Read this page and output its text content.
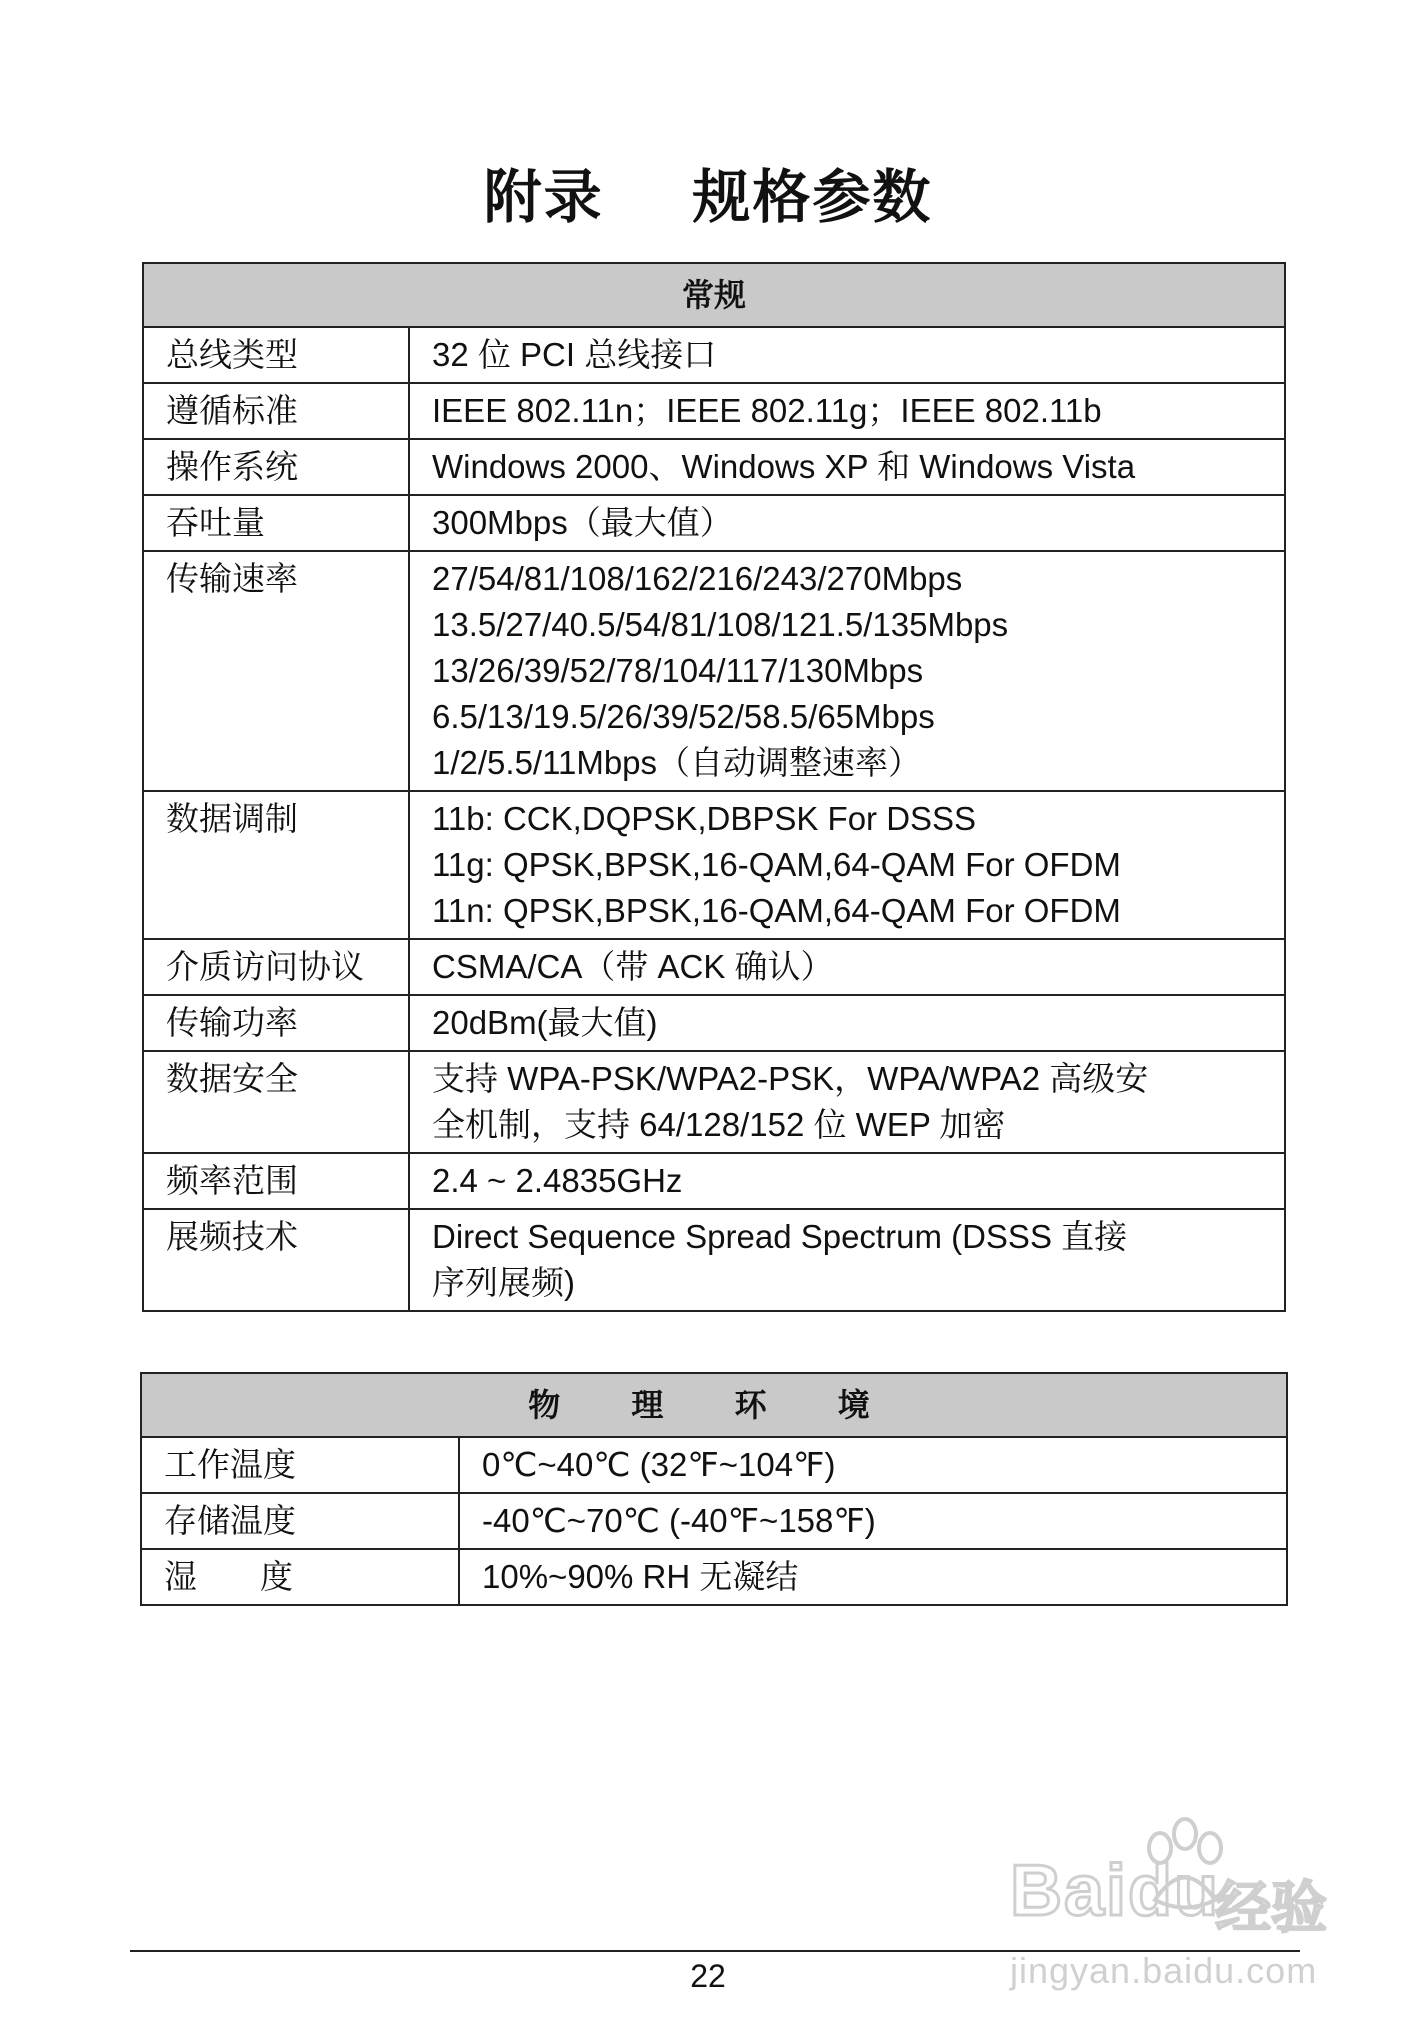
附录    规格参数
常规	
总线类型	32 位 PCI 总线接口

遵循标准	IEEE 802.11n；IEEE 802.11g；IEEE 802.11b

操作系统	Windows 2000、Windows XP 和 Windows Vista

吞吐量	300Mbps（最大值）

传输速率	27/54/81/108/162/216/243/270Mbps
13.5/27/40.5/54/81/108/121.5/135Mbps
13/26/39/52/78/104/117/130Mbps
6.5/13/19.5/26/39/52/58.5/65Mbps
1/2/5.5/11Mbps（自动调整速率）

数据调制	11b: CCK,DQPSK,DBPSK For DSSS
11g: QPSK,BPSK,16-QAM,64-QAM For OFDM
11n: QPSK,BPSK,16-QAM,64-QAM For OFDM

介质访问协议	CSMA/CA（带 ACK 确认）

传输功率	20dBm(最大值)

数据安全	支持 WPA-PSK/WPA2-PSK，WPA/WPA2 高级安
全机制，支持 64/128/152 位 WEP 加密

频率范围	2.4 ~ 2.4835GHz

展频技术	Direct Sequence Spread Spectrum (DSSS 直接
序列展频)
物 理 环 境	
工作温度	0℃~40℃ (32℉~104℉)
存储温度	-40℃~70℃ (-40℉~158℉)
湿      度	10%~90% RH 无凝结
22
Baidu
经验
jingyan.baidu.com
